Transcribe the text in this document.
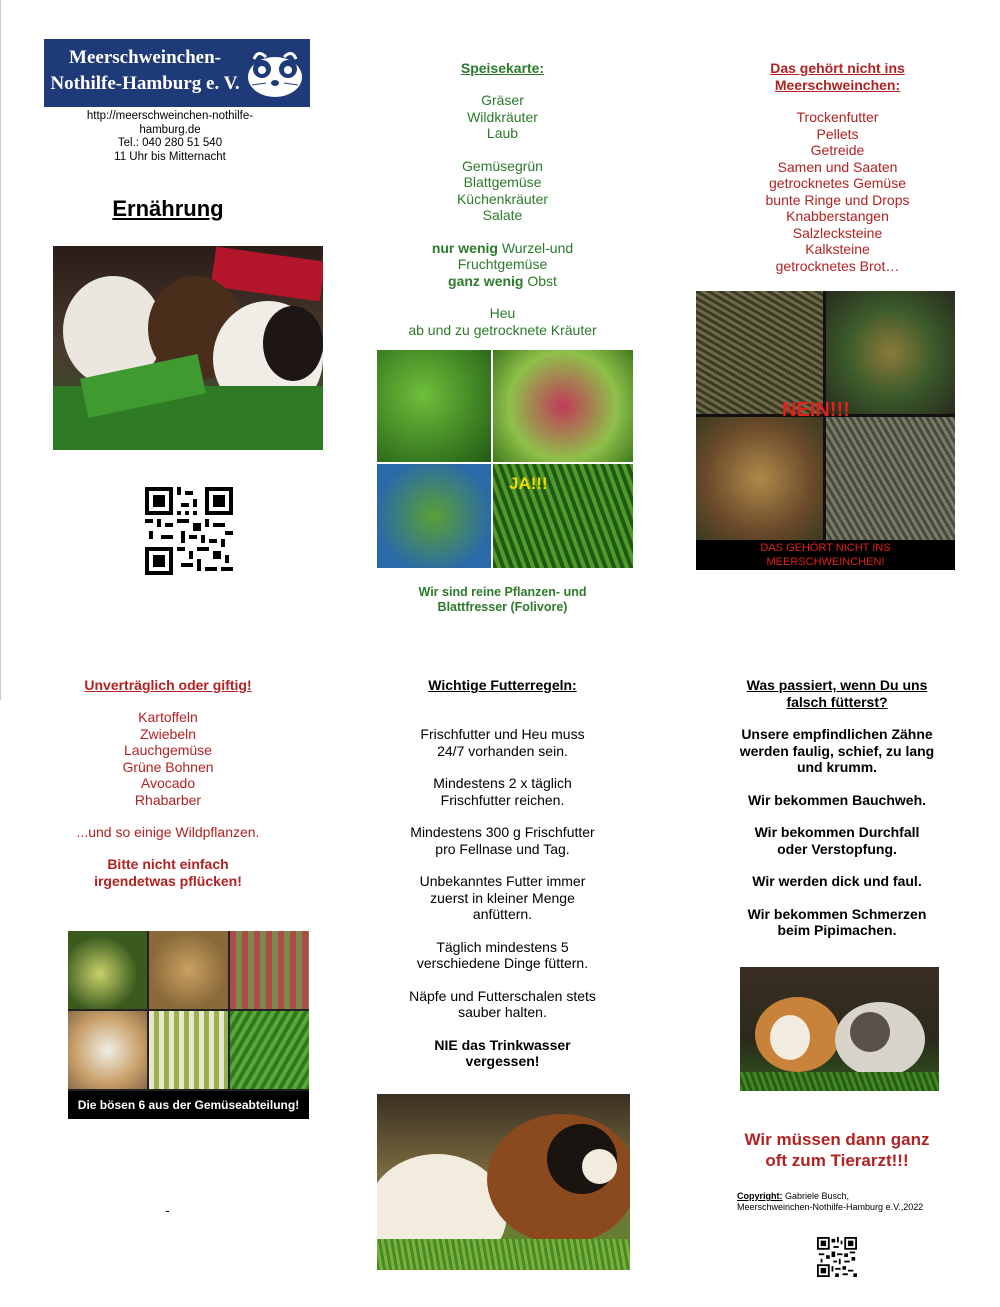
Meerschweinchen-
Nothilfe-Hamburg e. V.
http://meerschweinchen-nothilfe-
hamburg.de
Tel.: 040 280 51 540
11 Uhr bis Mitternacht
Ernährung
Speisekarte:
Gräser
Wildkräuter
Laub
Gemüsegrün
Blattgemüse
Küchenkräuter
Salate
nur wenig Wurzel-und
Fruchtgemüse
ganz wenig Obst
Heu
ab und zu getrocknete Kräuter
JA!!!
Wir sind reine Pflanzen- und
Blattfresser (Folivore)
Das gehört nicht ins
Meerschweinchen:
Trockenfutter
Pellets
Getreide
Samen und Saaten
getrocknetes Gemüse
bunte Ringe und Drops
Knabberstangen
Salzlecksteine
Kalksteine
getrocknetes Brot…
NEIN!!!
DAS GEHÖRT NICHT INS
MEERSCHWEINCHEN!
Unverträglich oder giftig!
Kartoffeln
Zwiebeln
Lauchgemüse
Grüne Bohnen
Avocado
Rhabarber
...und so einige Wildpflanzen.
Bitte nicht einfach
irgendetwas pflücken!
Die bösen 6 aus der Gemüseabteilung!
-
Wichtige Futterregeln:
Frischfutter und Heu muss
24/7 vorhanden sein.
Mindestens 2 x täglich
Frischfutter reichen.
Mindestens 300 g Frischfutter
pro Fellnase und Tag.
Unbekanntes Futter immer
zuerst in kleiner Menge
anfüttern.
Täglich mindestens 5
verschiedene Dinge füttern.
Näpfe und Futterschalen stets
sauber halten.
NIE das Trinkwasser
vergessen!
Was passiert, wenn Du uns
falsch fütterst?
Unsere empfindlichen Zähne
werden faulig, schief, zu lang
und krumm.
Wir bekommen Bauchweh.
Wir bekommen Durchfall
oder Verstopfung.
Wir werden dick und faul.
Wir bekommen Schmerzen
beim Pipimachen.
Wir müssen dann ganz
oft zum Tierarzt!!!
Copyright: Gabriele Busch,
Meerschweinchen-Nothilfe-Hamburg e.V.,2022
